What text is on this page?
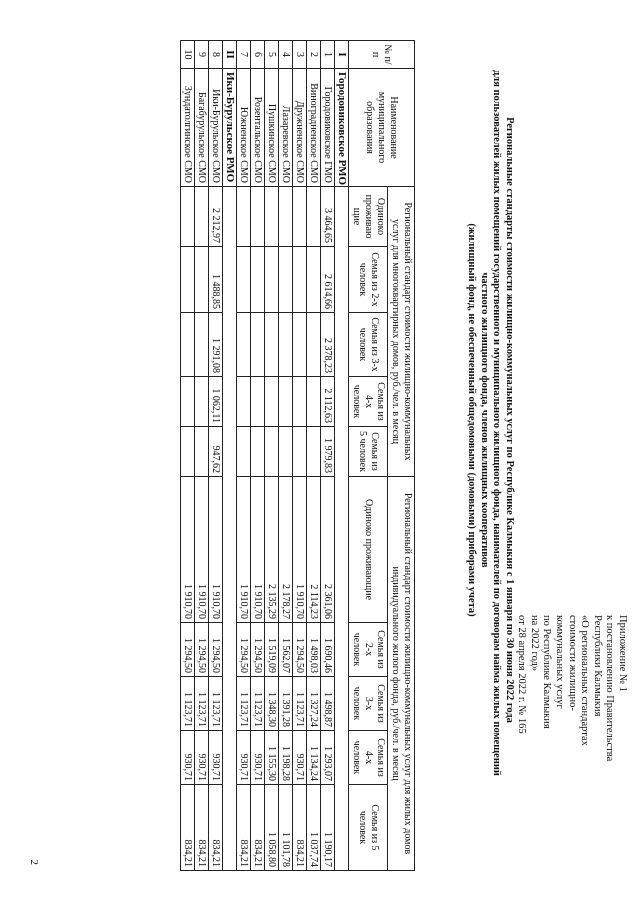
Приложение № 1
к постановлению Правительства
Республики Калмыкия
«О региональных стандартах
стоимости жилищно-
коммунальных услуг
по Республике Калмыкия
на 2022 год»
от 28 апреля 2022 г. № 165
Региональные стандарты стоимости жилищно-коммунальных услуг по Республике Калмыкия с 1 января по 30 июня 2022 года
для пользователей жилых помещений государственного и муниципального жилищного фонда, нанимателей по договорам найма жилых помещений
частного жилищного фонда, членов жилищных кооперативов
(жилищный фонд, не обеспеченный общедомовыми (домовыми) приборами учета)
№ п/п	Наименование муниципального образования	Региональный стандарт стоимости жилищно-коммунальных услуг для многоквартирных домов, руб./чел. в месяц					Региональный стандарт стоимости жилищно-коммунальных услуг для жилых домов индивидуального жилого фонда, руб./чел. в месяц				
		Одиноко проживаю щие	Семья из 2-х человек	Семья из 3-х человек	Семья из 4-х человек	Семья из 5 человек	Одиноко проживающие	Семья из 2-х человек	Семья из 3-х человек	Семья из 4-х человек	Семья из 5 человек
I	Городовиковское РМО										
1	Городовиковское ГМО	3 464,65	2 614,66	2 378,23	2 112,63	1 979,83	2 361,06	1 690,46	1 498,87	1 293,07	1 190,17
2	Виноградненское СМО						2 114,23	1 498,03	1 327,24	1 134,24	1 037,74
3	Дружненское СМО						1 910,70	1 294,50	1 123,71	930,71	834,21
4	Лазаревское СМО						2 178,27	1 562,07	1 391,28	1 198,28	1 101,78
5	Пушкинское СМО						2 135,29	1 519,09	1 348,30	1 155,30	1 058,80
6	Розентальское СМО						1 910,70	1 294,50	1 123,71	930,71	834,21
7	Южненское СМО						1 910,70	1 294,50	1 123,71	930,71	834,21
II	Ики-Бурульское РМО										
8	Ики-Бурульское СМО	2 212,97	1 488,85	1 291,08	1 062,11	947,62	1 910,70	1 294,50	1 123,71	930,71	834,21
9	Багабурульское СМО						1 910,70	1 294,50	1 123,71	930,71	834,21
10	Зундатолгинское СМО						1 910,70	1 294,50	1 123,71	930,71	834,21
2
